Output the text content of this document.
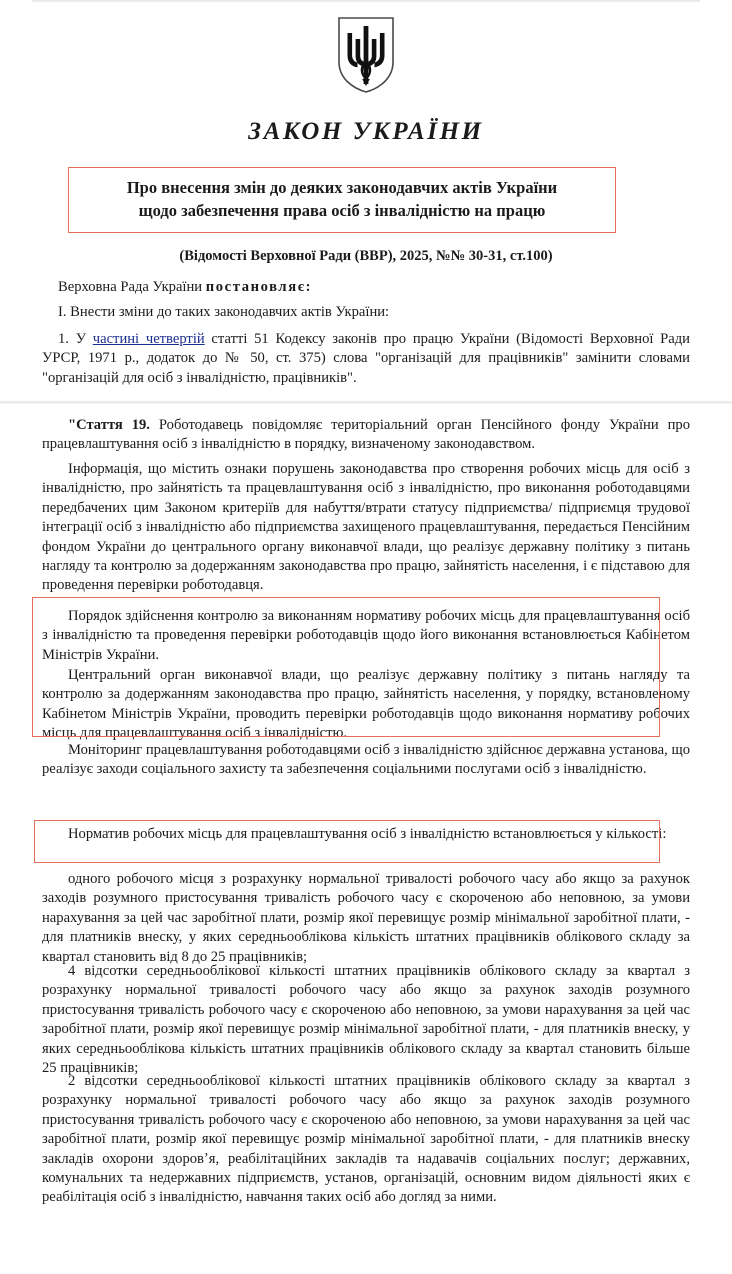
ЗАКОН УКРАЇНИ
Про внесення змін до деяких законодавчих актів України
щодо забезпечення права осіб з інвалідністю на працю
(Відомості Верховної Ради (ВВР), 2025, №№ 30-31, ст.100)
Верховна Рада України постановляє:
I. Внести зміни до таких законодавчих актів України:
1. У частині четвертій статті 51 Кодексу законів про працю України (Відомості Верховної Ради УРСР, 1971 р., додаток до № 50, ст. 375) слова "організацій для працівників" замінити словами "організацій для осіб з інвалідністю, працівників".
"Стаття 19. Роботодавець повідомляє територіальний орган Пенсійного фонду України про працевлаштування осіб з інвалідністю в порядку, визначеному законодавством.
Інформація, що містить ознаки порушень законодавства про створення робочих місць для осіб з інвалідністю, про зайнятість та працевлаштування осіб з інвалідністю, про виконання роботодавцями передбачених цим Законом критеріїв для набуття/втрати статусу підприємства/ підприємця трудової інтеграції осіб з інвалідністю або підприємства захищеного працевлаштування, передається Пенсійним фондом України до центрального органу виконавчої влади, що реалізує державну політику з питань нагляду та контролю за додержанням законодавства про працю, зайнятість населення, і є підставою для проведення перевірки роботодавця.
Порядок здійснення контролю за виконанням нормативу робочих місць для працевлаштування осіб з інвалідністю та проведення перевірки роботодавців щодо його виконання встановлюється Кабінетом Міністрів України.
Центральний орган виконавчої влади, що реалізує державну політику з питань нагляду та контролю за додержанням законодавства про працю, зайнятість населення, у порядку, встановленому Кабінетом Міністрів України, проводить перевірки роботодавців щодо виконання нормативу робочих місць для працевлаштування осіб з інвалідністю.
Моніторинг працевлаштування роботодавцями осіб з інвалідністю здійснює державна установа, що реалізує заходи соціального захисту та забезпечення соціальними послугами осіб з інвалідністю.
Норматив робочих місць для працевлаштування осіб з інвалідністю встановлюється у кількості:
одного робочого місця з розрахунку нормальної тривалості робочого часу або якщо за рахунок заходів розумного пристосування тривалість робочого часу є скороченою або неповною, за умови нарахування за цей час заробітної плати, розмір якої перевищує розмір мінімальної заробітної плати, - для платників внеску, у яких середньооблікова кількість штатних працівників облікового складу за квартал становить від 8 до 25 працівників;
4 відсотки середньооблікової кількості штатних працівників облікового складу за квартал з розрахунку нормальної тривалості робочого часу або якщо за рахунок заходів розумного пристосування тривалість робочого часу є скороченою або неповною, за умови нарахування за цей час заробітної плати, розмір якої перевищує розмір мінімальної заробітної плати, - для платників внеску, у яких середньооблікова кількість штатних працівників облікового складу за квартал становить більше 25 працівників;
2 відсотки середньооблікової кількості штатних працівників облікового складу за квартал з розрахунку нормальної тривалості робочого часу або якщо за рахунок заходів розумного пристосування тривалість робочого часу є скороченою або неповною, за умови нарахування за цей час заробітної плати, розмір якої перевищує розмір мінімальної заробітної плати, - для платників внеску закладів охорони здоровʼя, реабілітаційних закладів та надавачів соціальних послуг; державних, комунальних та недержавних підприємств, установ, організацій, основним видом діяльності яких є реабілітація осіб з інвалідністю, навчання таких осіб або догляд за ними.
